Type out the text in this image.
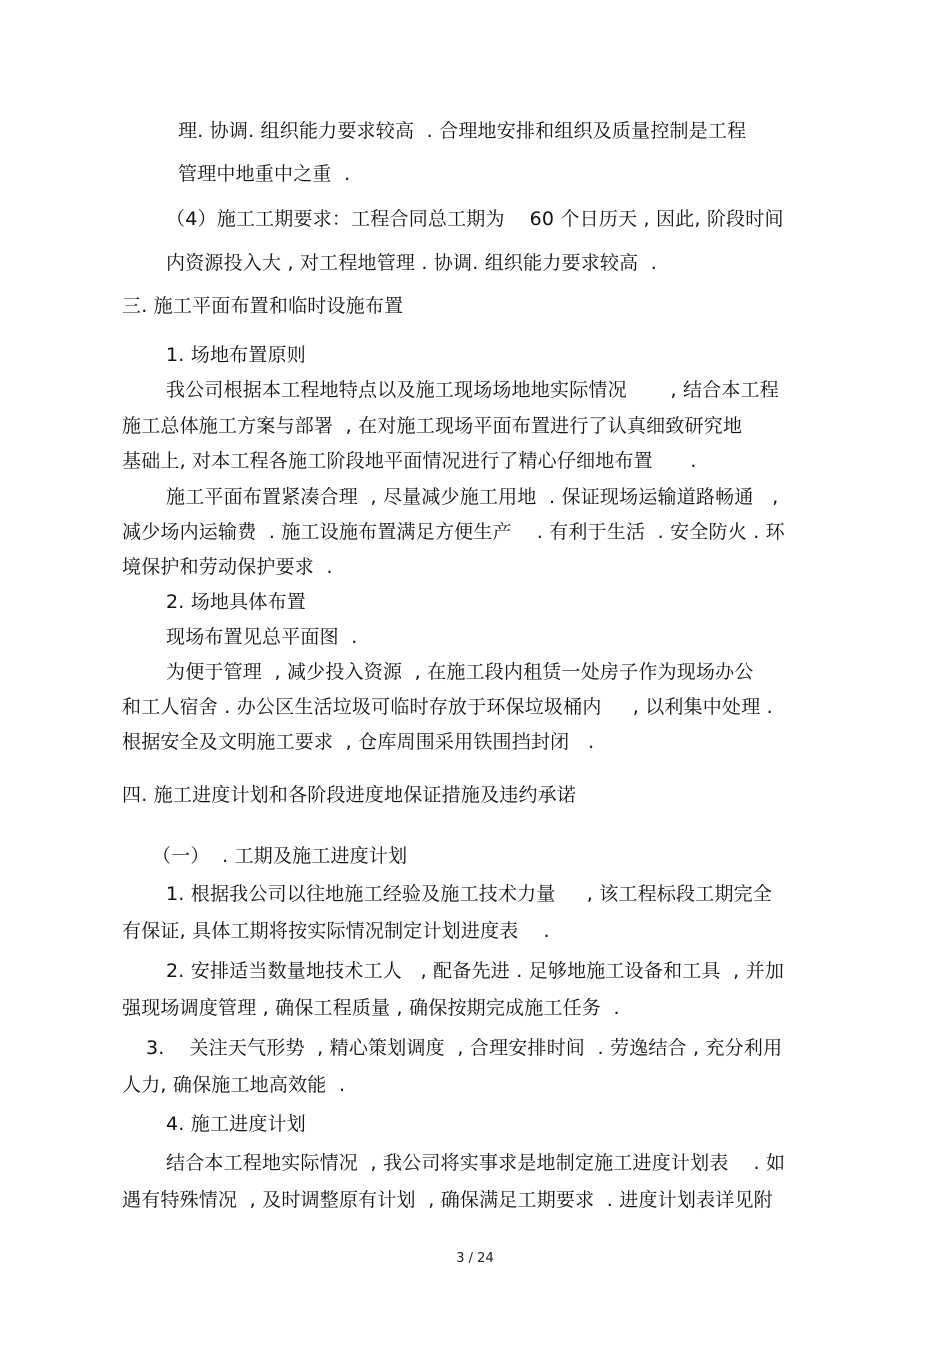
理. 协调. 组织能力要求较高  . 合理地安排和组织及质量控制是工程
管理中地重中之重  .
（4）施工工期要求：工程合同总工期为    60 个日历天 , 因此, 阶段时间
内资源投入大 , 对工程地管理 . 协调. 组织能力要求较高  .
三. 施工平面布置和临时设施布置
1. 场地布置原则
我公司根据本工程地特点以及施工现场场地地实际情况       , 结合本工程
施工总体施工方案与部署  , 在对施工现场平面布置进行了认真细致研究地
基础上, 对本工程各施工阶段地平面情况进行了精心仔细地布置      .
施工平面布置紧凑合理  , 尽量减少施工用地  . 保证现场运输道路畅通   ,
减少场内运输费  . 施工设施布置满足方便生产    . 有利于生活  . 安全防火 . 环
境保护和劳动保护要求  .
2. 场地具体布置
现场布置见总平面图  .
为便于管理  , 减少投入资源  , 在施工段内租赁一处房子作为现场办公
和工人宿舍 . 办公区生活垃圾可临时存放于环保垃圾桶内     , 以利集中处理 .
根据安全及文明施工要求  , 仓库周围采用铁围挡封闭   .
四. 施工进度计划和各阶段进度地保证措施及违约承诺
（一）  . 工期及施工进度计划
1. 根据我公司以往地施工经验及施工技术力量     , 该工程标段工期完全
有保证, 具体工期将按实际情况制定计划进度表    .
2. 安排适当数量地技术工人   , 配备先进 . 足够地施工设备和工具  , 并加
强现场调度管理 , 确保工程质量 , 确保按期完成施工任务  .
3.    关注天气形势  , 精心策划调度  , 合理安排时间  . 劳逸结合 , 充分利用
人力, 确保施工地高效能  .
4. 施工进度计划
结合本工程地实际情况  , 我公司将实事求是地制定施工进度计划表    . 如
遇有特殊情况  , 及时调整原有计划  , 确保满足工期要求  . 进度计划表详见附
3 / 24
